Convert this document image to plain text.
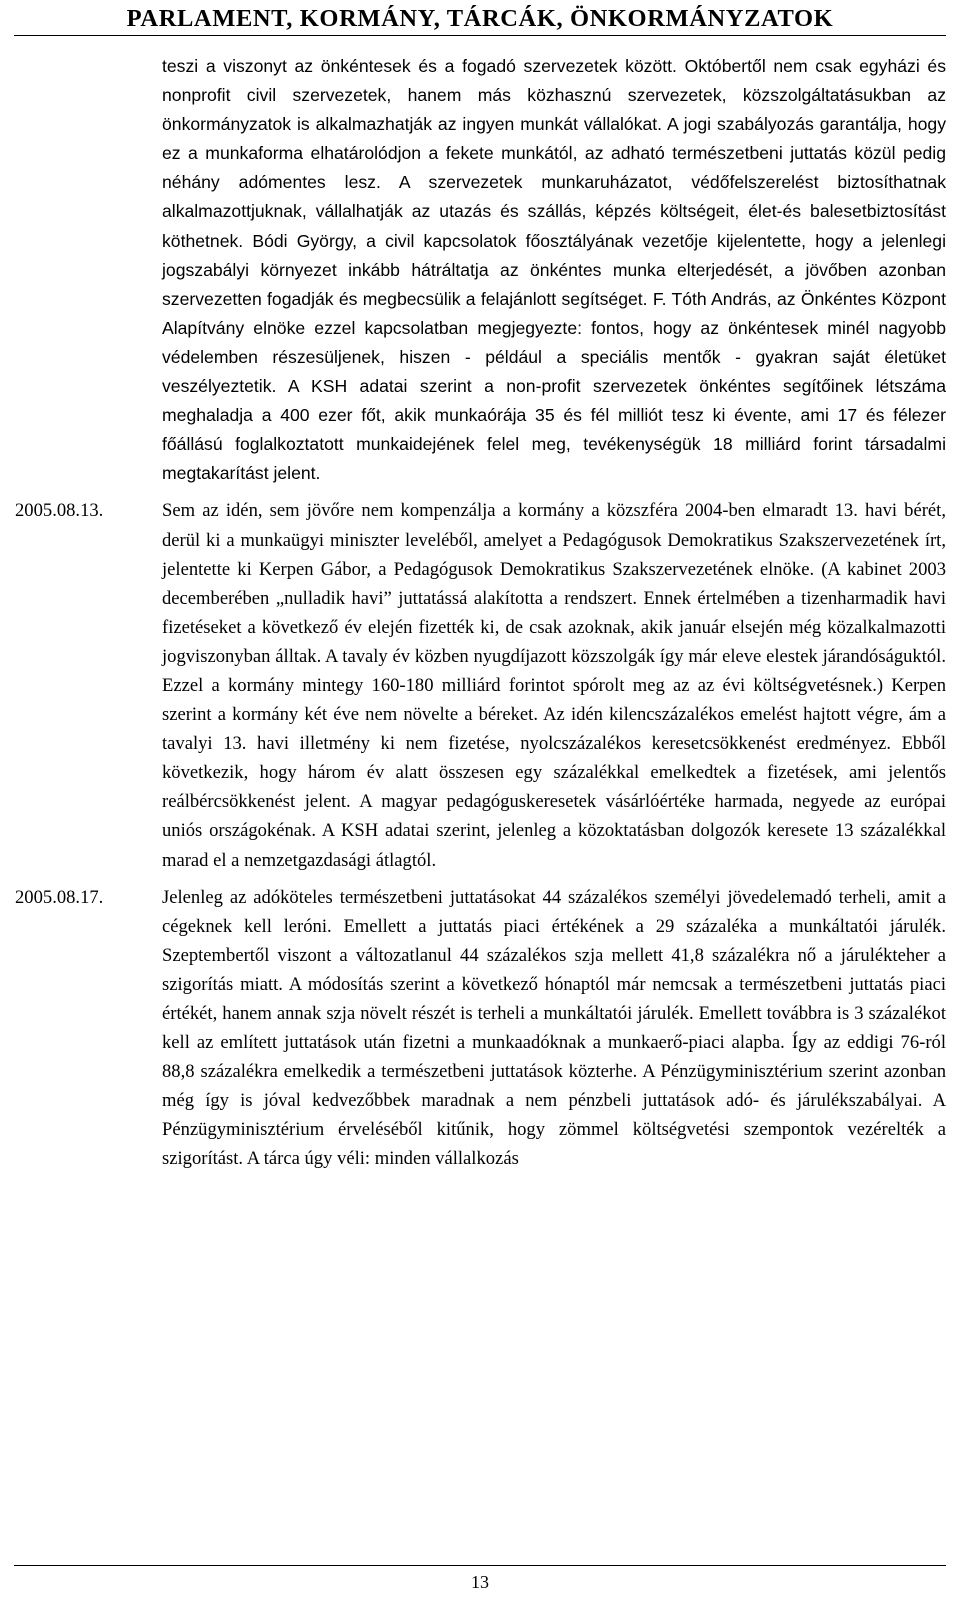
PARLAMENT, KORMÁNY, TÁRCÁK, ÖNKORMÁNYZATOK

teszi a viszonyt az önkéntesek és a fogadó szervezetek között. Októbertől nem csak egyházi és nonprofit civil szervezetek, hanem más közhasznú szervezetek, közszolgáltatásukban az önkormányzatok is alkalmazhatják az ingyen munkát vállalókat. A jogi szabályozás garantálja, hogy ez a munkaforma elhatárolódjon a fekete munkától, az adható természetbeni juttatás közül pedig néhány adómentes lesz. A szervezetek munkaruházatot, védőfelszerelést biztosíthatnak alkalmazottjuknak, vállalhatják az utazás és szállás, képzés költségeit, élet-és balesetbiztosítást köthetnek. Bódi György, a civil kapcsolatok főosztályának vezetője kijelentette, hogy a jelenlegi jogszabályi környezet inkább hátráltatja az önkéntes munka elterjedését, a jövőben azonban szervezetten fogadják és megbecsülik a felajánlott segítséget. F. Tóth András, az Önkéntes Központ Alapítvány elnöke ezzel kapcsolatban megjegyezte: fontos, hogy az önkéntesek minél nagyobb védelemben részesüljenek, hiszen - például a speciális mentők - gyakran saját életüket veszélyeztetik. A KSH adatai szerint a non-profit szervezetek önkéntes segítőinek létszáma meghaladja a 400 ezer főt, akik munkaórája 35 és fél milliót tesz ki évente, ami 17 és félezer főállású foglalkoztatott munkaidejének felel meg, tevékenységük 18 milliárd forint társadalmi megtakarítást jelent.

2005.08.13.	Sem az idén, sem jövőre nem kompenzálja a kormány a közszféra 2004-ben elmaradt 13. havi bérét, derül ki a munkaügyi miniszter leveléből, amelyet a Pedagógusok Demokratikus Szakszervezetének írt, jelentette ki Kerpen Gábor, a Pedagógusok Demokratikus Szakszervezetének elnöke. (A kabinet 2003 decemberében „nulladik havi” juttatássá alakította a rendszert. Ennek értelmében a tizenharmadik havi fizetéseket a következő év elején fizették ki, de csak azoknak, akik január elsején még közalkalmazotti jogviszonyban álltak. A tavaly év közben nyugdíjazott közszolgák így már eleve elestek járandóságuktól. Ezzel a kormány mintegy 160-180 milliárd forintot spórolt meg az az évi költségvetésnek.) Kerpen szerint a kormány két éve nem növelte a béreket. Az idén kilencszázalékos emelést hajtott végre, ám a tavalyi 13. havi illetmény ki nem fizetése, nyolcszázalékos keresetcsökkenést eredményez. Ebből következik, hogy három év alatt összesen egy százalékkal emelkedtek a fizetések, ami jelentős reálbércsökkenést jelent. A magyar pedagóguskeresetek vásárlóértéke harmada, negyede az európai uniós országokénak. A KSH adatai szerint, jelenleg a közoktatásban dolgozók keresete 13 százalékkal marad el a nemzetgazdasági átlagtól.

2005.08.17.	Jelenleg az adóköteles természetbeni juttatásokat 44 százalékos személyi jövedelemadó terheli, amit a cégeknek kell leróni. Emellett a juttatás piaci értékének a 29 százaléka a munkáltatói járulék. Szeptembertől viszont a változatlanul 44 százalékos szja mellett 41,8 százalékra nő a járulékteher a szigorítás miatt. A módosítás szerint a következő hónaptól már nemcsak a természetbeni juttatás piaci értékét, hanem annak szja növelt részét is terheli a munkáltatói járulék. Emellett továbbra is 3 százalékot kell az említett juttatások után fizetni a munkaadóknak a munkaerő-piaci alapba. Így az eddigi 76-ról 88,8 százalékra emelkedik a természetbeni juttatások közterhe. A Pénzügyminisztérium szerint azonban még így is jóval kedvezőbbek maradnak a nem pénzbeli juttatások adó- és járulékszabályai. A Pénzügyminisztérium érveléséből kitűnik, hogy zömmel költségvetési szempontok vezérelték a szigorítást. A tárca úgy véli: minden vállalkozás

13
